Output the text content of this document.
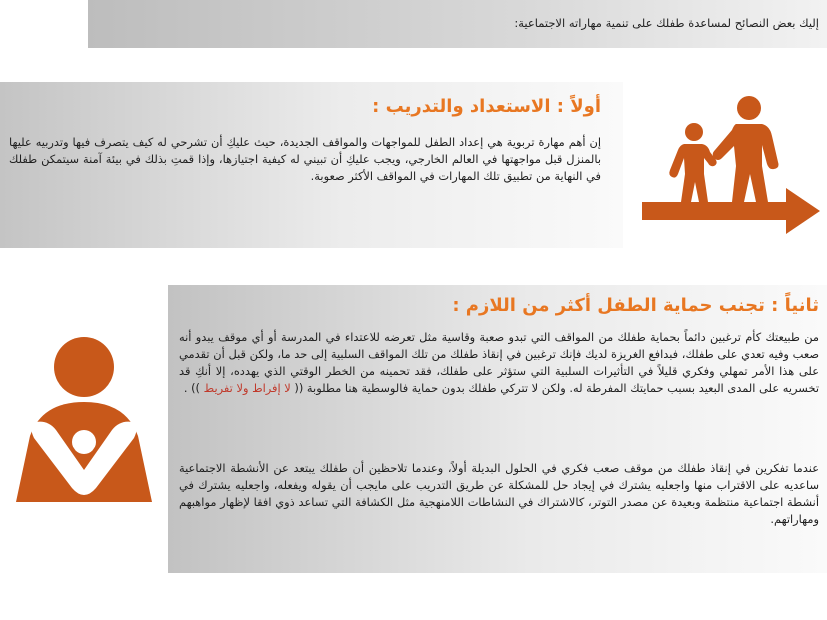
إليك بعض النصائح لمساعدة طفلك على تنمية مهاراته الاجتماعية:
أولاً : الاستعداد والتدريب :
إن أهم مهارة تربوية هي إعداد الطفل للمواجهات والمواقف الجديدة، حيث عليكِ أن تشرحي له كيف يتصرف فيها وتدربيه عليها بالمنزل قبل مواجهتها في العالم الخارجي، ويجب عليكِ أن تبيني له كيفية اجتيازها، وإذا قمتِ بذلك في بيئة آمنة سيتمكن طفلك في النهاية من تطبيق تلك المهارات في المواقف الأكثر صعوبة.
ثانياً : تجنب حماية الطفل أكثر من اللازم :
من طبيعتك كأم ترغبين دائماً بحماية طفلك من المواقف التي تبدو صعبة وقاسية مثل تعرضه للاعتداء في المدرسة أو أي موقف يبدو أنه صعب وفيه تعدي على طفلك، فبدافع الغريزة لديك فإنك ترغبين في إنقاذ طفلك من تلك المواقف السلبية إلى حد ما، ولكن قبل أن تقدمي على هذا الأمر تمهلي وفكري قليلاً في التأثيرات السلبية التي ستؤثر على طفلك، فقد تحمينه من الخطر الوقتي الذي يهدده، إلا أنكِ قد تخسريه على المدى البعيد بسبب حمايتك المفرطة له. ولكن لا تتركي طفلك بدون حماية فالوسطية هنا مطلوبة (( لا إفراط ولا تفريط )) .
عندما تفكرين في إنقاذ طفلك من موقف صعب فكري في الحلول البديلة أولاً، وعندما تلاحظين أن طفلك يبتعد عن الأنشطة الاجتماعية ساعديه على الاقتراب منها واجعليه يشترك في إيجاد حل للمشكلة عن طريق التدريب على مايجب أن يقوله ويفعله، واجعليه يشترك في أنشطة اجتماعية منتظمة وبعيدة عن مصدر التوتر، كالاشتراك في النشاطات اللامنهجية مثل الكشافة التي تساعد ذوي افقا لإظهار مواهبهم ومهاراتهم.
